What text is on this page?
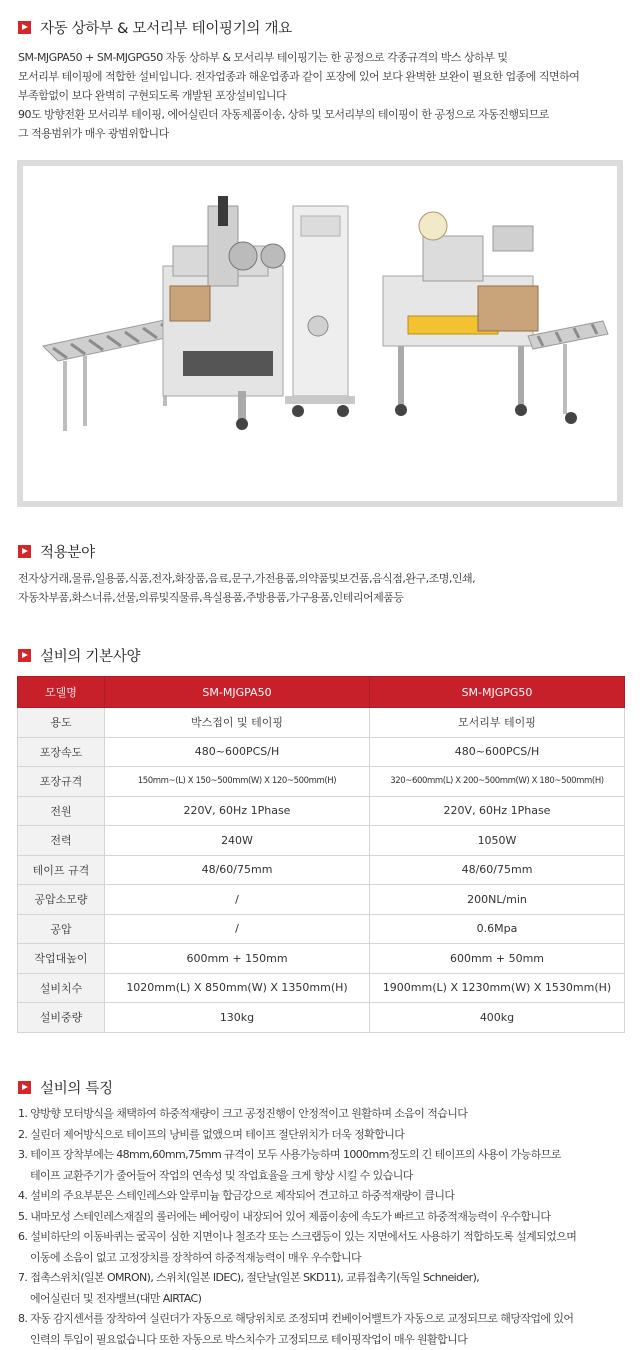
자동 상하부 & 모서리부 테이핑기의 개요

SM-MJGPA50 + SM-MJGPG50 자동 상하부 & 모서리부 테이핑기는 한 공정으로 각종규격의 박스 상하부 및

모서리부 테이핑에 적합한 설비입니다. 전자업종과 해운업종과 같이 포장에 있어 보다 완벽한 보완이 필요한 업종에 직면하여

부족함없이 보다 완벽히 구현되도록 개발된 포장설비입니다

90도 방향전환 모서리부 테이핑, 에어실린더 자동제품이송, 상하 및 모서리부의 테이핑이 한 공정으로 자동진행되므로

그 적용범위가 매우 광범위합니다

적용분야

전자상거래,물류,일용품,식품,전자,화장품,음료,문구,가전용품,의약품및보건품,음식점,완구,조명,인쇄,

자동차부품,화스너류,선물,의류및직물류,욕실용품,주방용품,가구용품,인테리어제품등

설비의 기본사양
모델명	SM-MJGPA50	SM-MJGPG50
용도	박스접이 및 테이핑	모서리부 테이핑
포장속도	480~600PCS/H	480~600PCS/H
포장규격	150mm~(L) X 150~500mm(W) X 120~500mm(H)	320~600mm(L) X 200~500mm(W) X 180~500mm(H)
전원	220V, 60Hz 1Phase	220V, 60Hz 1Phase
전력	240W	1050W
테이프 규격	48/60/75mm	48/60/75mm
공압소모량	/	200NL/min
공압	/	0.6Mpa
작업대높이	600mm + 150mm	600mm + 50mm
설비치수	1020mm(L) X 850mm(W) X 1350mm(H)	1900mm(L) X 1230mm(W) X 1530mm(H)
설비중량	130kg	400kg
설비의 특징
1. 양방향 모터방식을 채택하여 하중적재량이 크고 공정진행이 안정적이고 원활하며 소음이 적습니다
2. 실린더 제어방식으로 테이프의 낭비를 없앴으며 테이프 절단위치가 더욱 정확합니다
3. 테이프 장착부에는 48mm,60mm,75mm 규격이 모두 사용가능하며 1000mm정도의 긴 테이프의 사용이 가능하므로
테이프 교환주기가 줄어들어 작업의 연속성 및 작업효율을 크게 향상 시킬 수 있습니다
4. 설비의 주요부분은 스테인레스와 알루미늄 합금강으로 제작되어 견고하고 하중적재량이 큽니다
5. 내마모성 스테인레스재질의 롤러에는 베어링이 내장되어 있어 제품이송에 속도가 빠르고 하중적재능력이 우수합니다
6. 설비하단의 이동바퀴는 굴곡이 심한 지면이나 철조각 또는 스크랩등이 있는 지면에서도 사용하기 적합하도록 설계되었으며
이동에 소음이 없고 고정장치를 장착하여 하중적재능력이 매우 우수합니다
7. 접촉스위치(일본 OMRON), 스위치(일본 IDEC), 절단날(일본 SKD11), 교류접촉기(독일 Schneider),
에어실린더 및 전자밸브(대만 AIRTAC)
8. 자동 감지센서를 장착하여 실린더가 자동으로 해당위치로 조정되며 컨베이어밸트가 자동으로 교정되므로 해당작업에 있어
인력의 투입이 필요없습니다 또한 자동으로 박스치수가 고정되므로 테이핑작업이 매우 원활합니다
